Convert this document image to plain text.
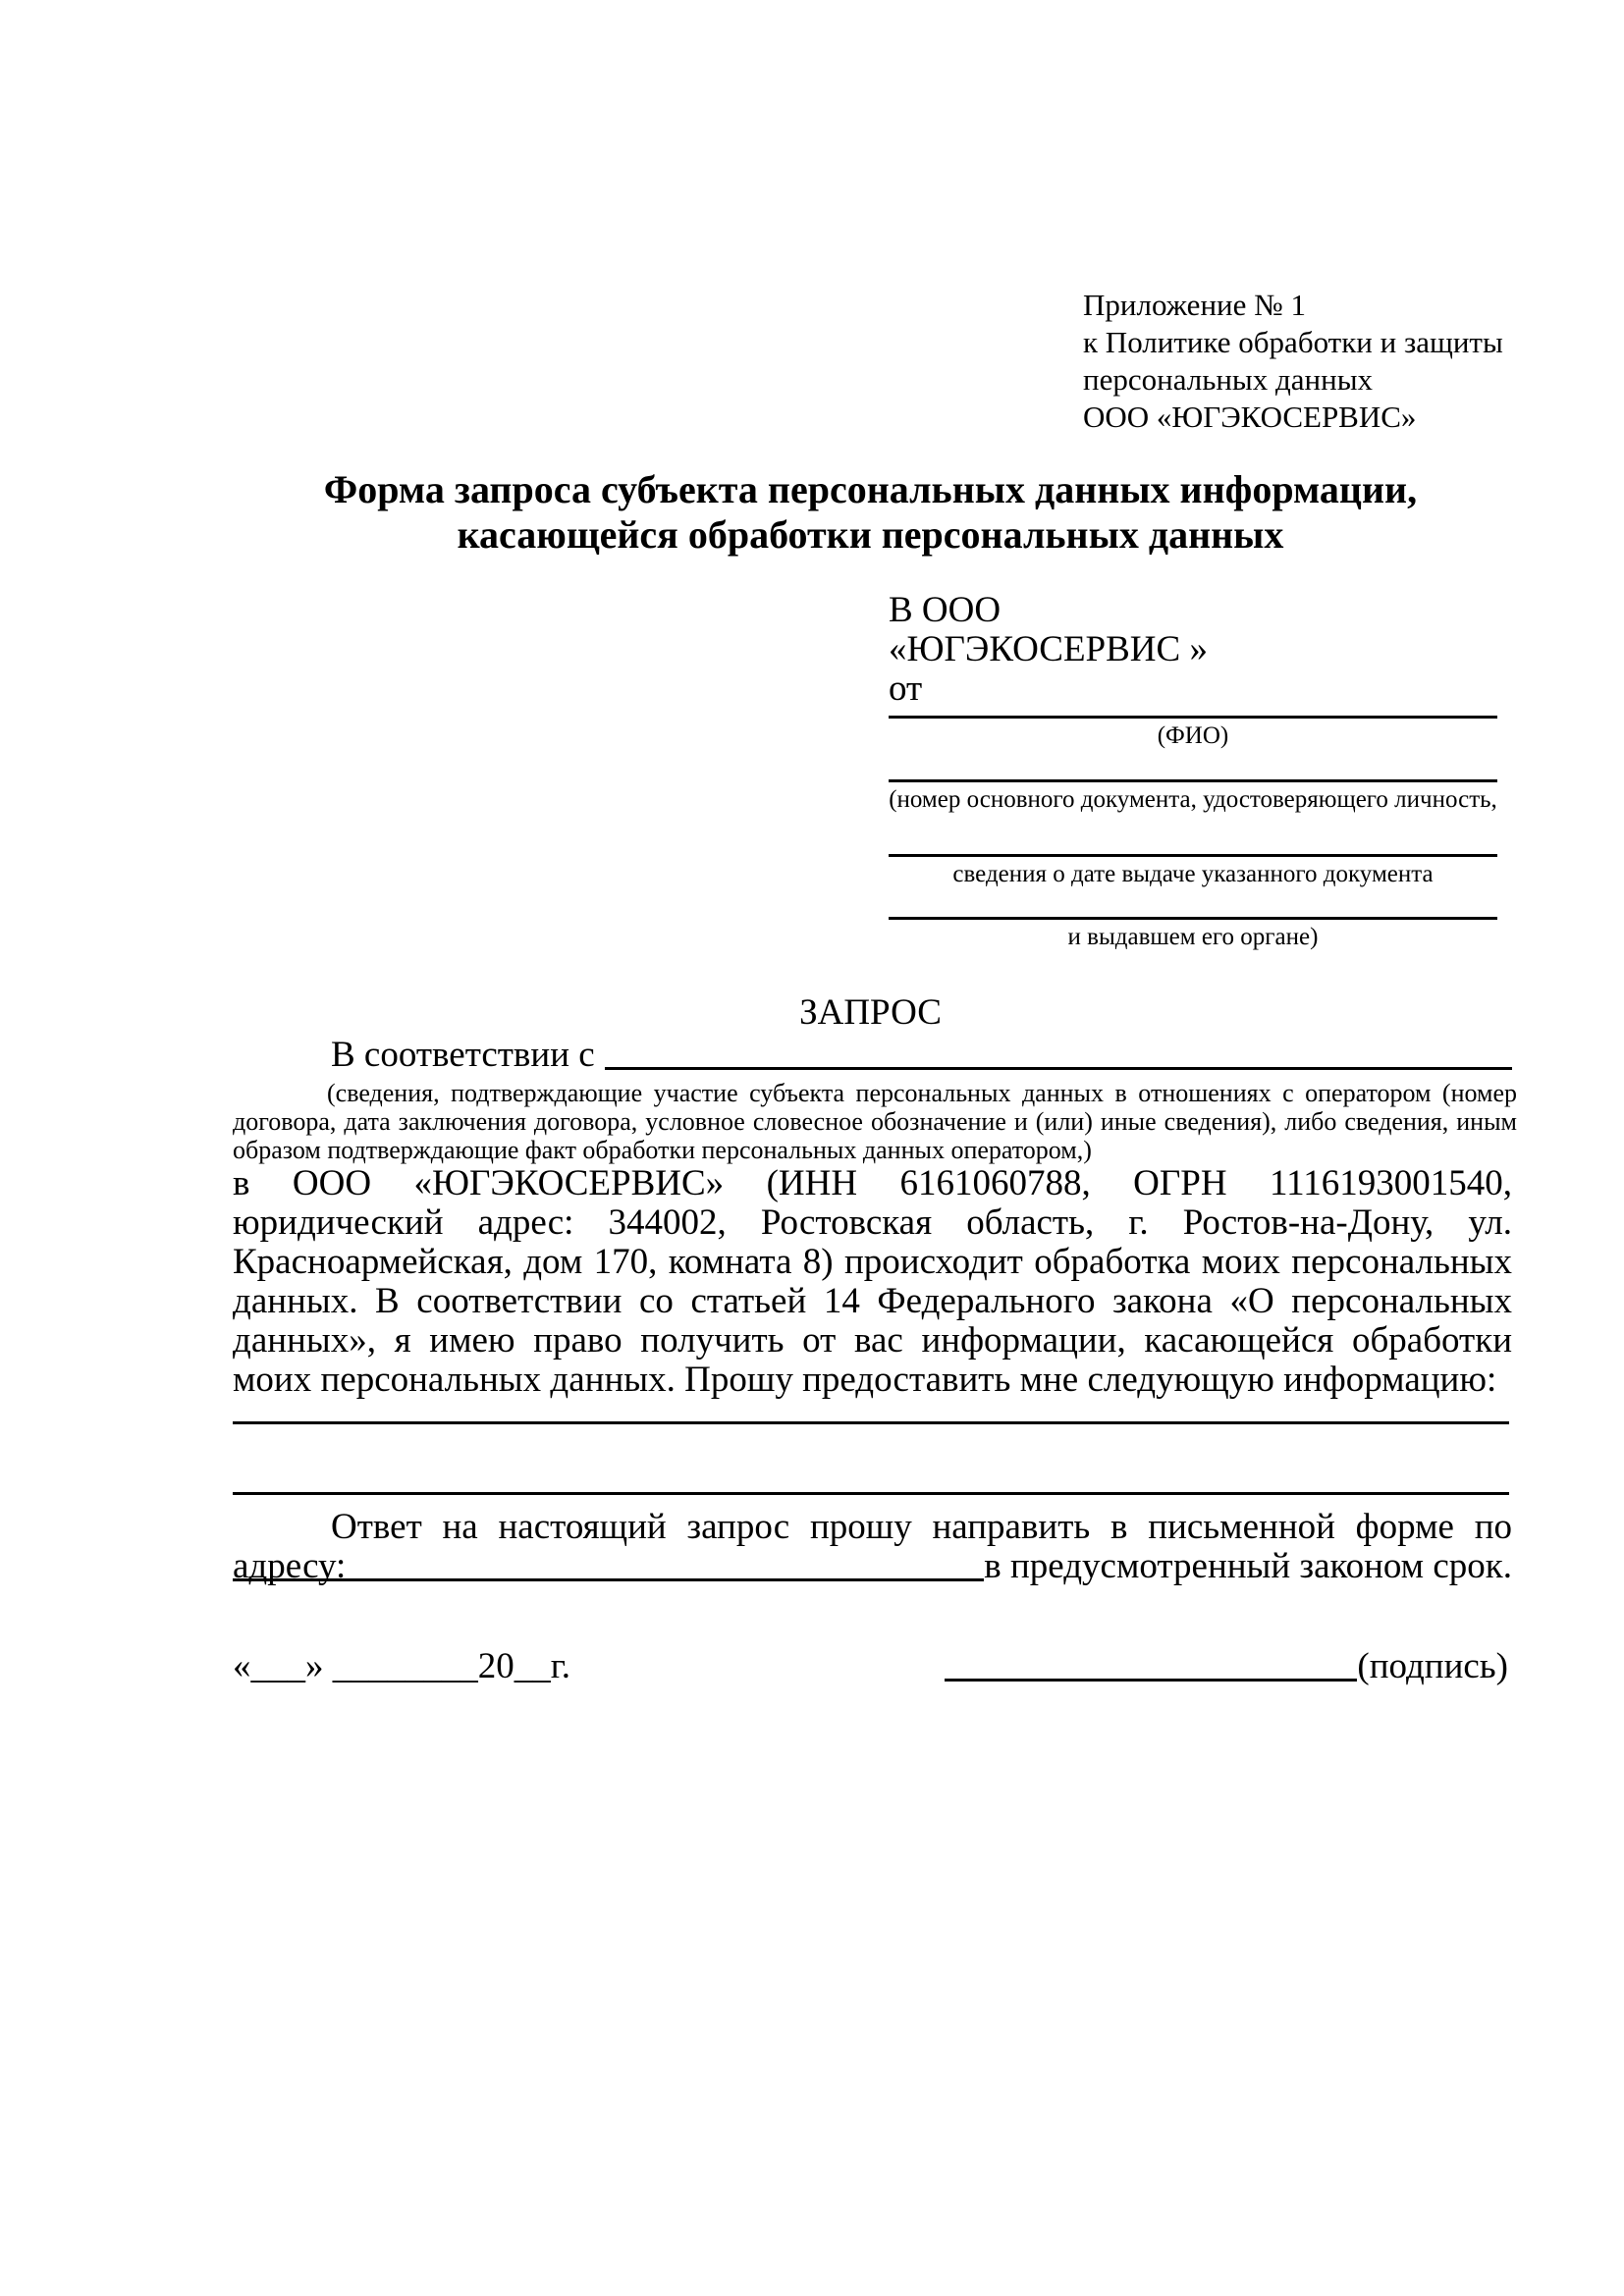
Приложение № 1
к Политике обработки и защиты
персональных данных
ООО «ЮГЭКОСЕРВИС»
Форма запроса субъекта персональных данных информации,
касающейся обработки персональных данных
В ООО
«ЮГЭКОСЕРВИС »
от
(ФИО)
(номер основного документа, удостоверяющего личность,
сведения о дате выдаче указанного документа
и выдавшем его органе)
ЗАПРОС
В соответствии с
(сведения, подтверждающие участие субъекта персональных данных в отношениях с оператором (номер договора, дата заключения договора, условное словесное обозначение и (или) иные сведения), либо сведения, иным образом подтверждающие факт обработки персональных данных оператором,)
в ООО «ЮГЭКОСЕРВИС» (ИНН 6161060788, ОГРН 1116193001540, юридический адрес: 344002, Ростовская область, г. Ростов-на-Дону, ул. Красноармейская, дом 170, комната 8) происходит обработка моих персональных данных. В соответствии со статьей 14 Федерального закона «О персональных данных», я имею право получить от вас информации, касающейся обработки моих персональных данных. Прошу предоставить мне следующую информацию:
Ответ на настоящий запрос прошу направить в письменной форме по адресу:	в предусмотренный законом срок.
«___» ________20__г.	(подпись)
